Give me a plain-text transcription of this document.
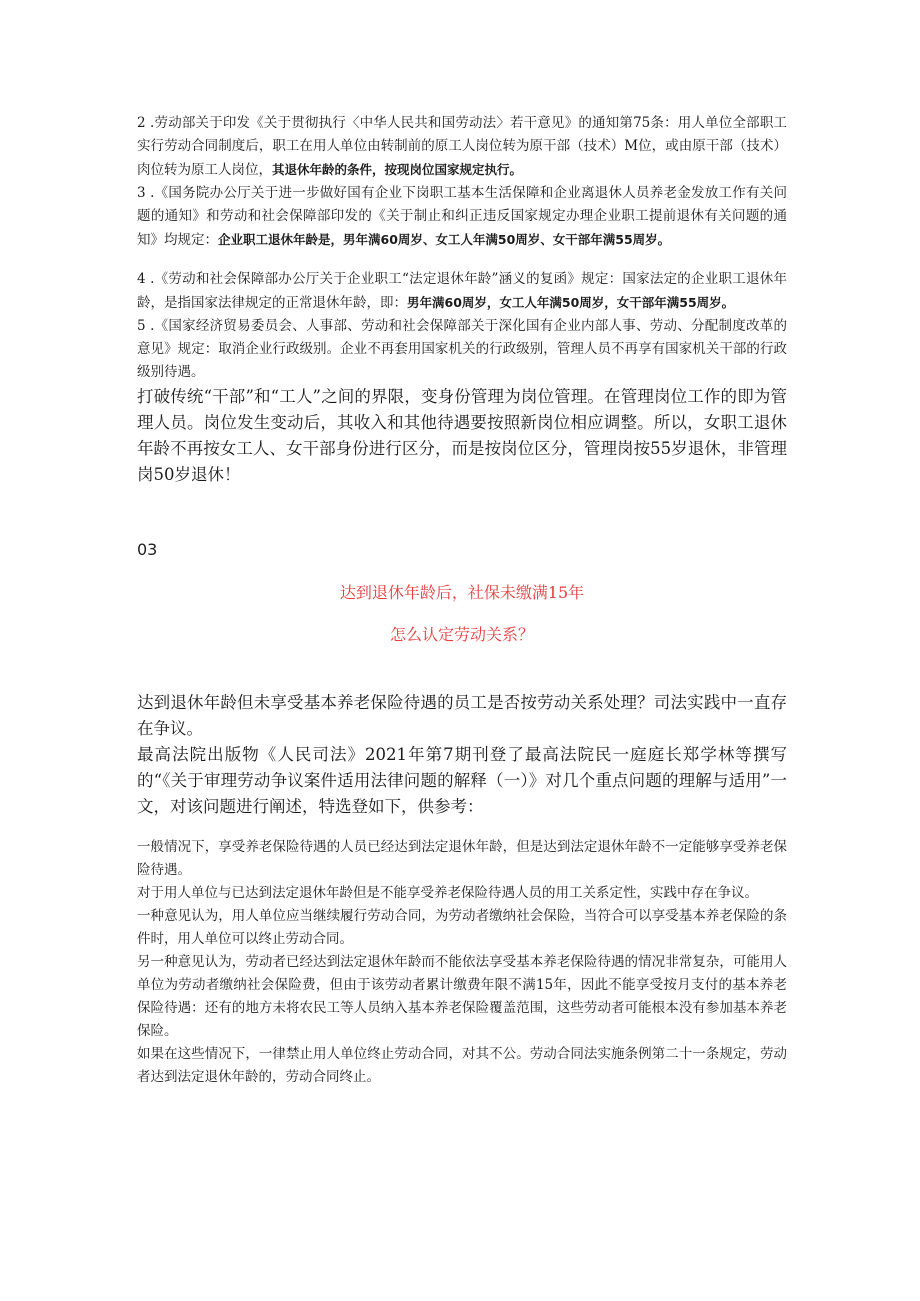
2 .劳动部关于印发《关于贯彻执行〈中华人民共和国劳动法〉若干意见》的通知第75条：用人单位全部职工实行劳动合同制度后，职工在用人单位由转制前的原工人岗位转为原干部（技术）M位，或由原干部（技术）肉位转为原工人岗位，其退休年龄的条件，按现岗位国家规定执行。

3 .《国务院办公厅关于进一步做好国有企业下岗职工基本生活保障和企业离退休人员养老金发放工作有关问题的通知》和劳动和社会保障部印发的《关于制止和纠正违反国家规定办理企业职工提前退休有关问题的通知》均规定：企业职工退休年龄是，男年满60周岁、女工人年满50周岁、女干部年满55周岁。

4 .《劳动和社会保障部办公厅关于企业职工“法定退休年龄”涵义的复函》规定：国家法定的企业职工退休年龄，是指国家法律规定的正常退休年龄，即：男年满60周岁，女工人年满50周岁，女干部年满55周岁。

5 .《国家经济贸易委员会、人事部、劳动和社会保障部关于深化国有企业内部人事、劳动、分配制度改革的意见》规定：取消企业行政级别。企业不再套用国家机关的行政级别，管理人员不再享有国家机关干部的行政级别待遇。

打破传统“干部”和“工人”之间的界限，变身份管理为岗位管理。在管理岗位工作的即为管理人员。岗位发生变动后，其收入和其他待遇要按照新岗位相应调整。所以，女职工退休年龄不再按女工人、女干部身份进行区分，而是按岗位区分，管理岗按55岁退休，非管理岗50岁退休！

03

达到退休年龄后，社保未缴满15年

怎么认定劳动关系？

达到退休年龄但未享受基本养老保险待遇的员工是否按劳动关系处理？司法实践中一直存在争议。

最高法院出版物《人民司法》2021年第7期刊登了最高法院民一庭庭长郑学林等撰写的“《关于审理劳动争议案件适用法律问题的解释（一）》对几个重点问题的理解与适用”一文，对该问题进行阐述，特选登如下，供参考：

一般情况下，享受养老保险待遇的人员已经达到法定退休年龄，但是达到法定退休年龄不一定能够享受养老保险待遇。

对于用人单位与已达到法定退休年龄但是不能享受养老保险待遇人员的用工关系定性，实践中存在争议。

一种意见认为，用人单位应当继续履行劳动合同，为劳动者缴纳社会保险，当符合可以享受基本养老保险的条件时，用人单位可以终止劳动合同。

另一种意见认为，劳动者已经达到法定退休年龄而不能依法享受基本养老保险待遇的情况非常复杂，可能用人单位为劳动者缴纳社会保险费，但由于该劳动者累计缴费年限不满15年，因此不能享受按月支付的基本养老保险待遇：还有的地方未将农民工等人员纳入基本养老保险覆盖范围，这些劳动者可能根本没有参加基本养老保险。

如果在这些情况下，一律禁止用人单位终止劳动合同，对其不公。劳动合同法实施条例第二十一条规定，劳动者达到法定退休年龄的，劳动合同终止。
